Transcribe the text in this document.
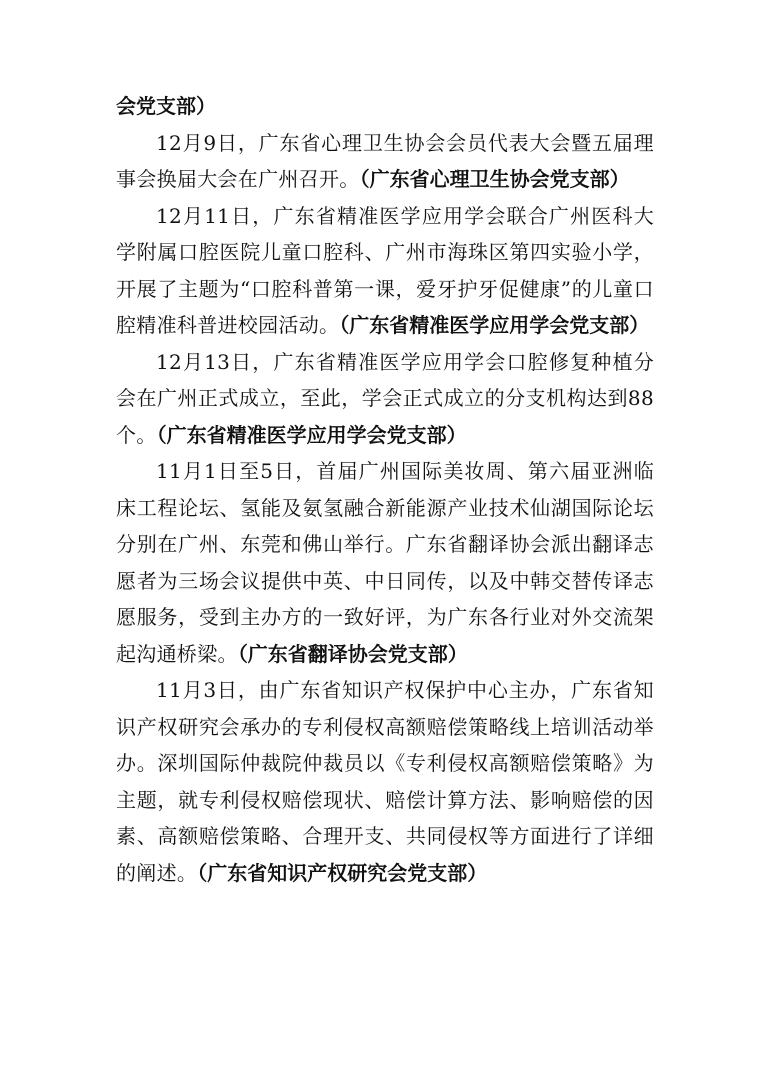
会党支部）

12月9日，广东省心理卫生协会会员代表大会暨五届理事会换届大会在广州召开。（广东省心理卫生协会党支部）

12月11日，广东省精准医学应用学会联合广州医科大学附属口腔医院儿童口腔科、广州市海珠区第四实验小学，开展了主题为“口腔科普第一课，爱牙护牙促健康”的儿童口腔精准科普进校园活动。（广东省精准医学应用学会党支部）

12月13日，广东省精准医学应用学会口腔修复种植分会在广州正式成立，至此，学会正式成立的分支机构达到88个。（广东省精准医学应用学会党支部）

11月1日至5日，首届广州国际美妆周、第六届亚洲临床工程论坛、氢能及氨氢融合新能源产业技术仙湖国际论坛分别在广州、东莞和佛山举行。广东省翻译协会派出翻译志愿者为三场会议提供中英、中日同传，以及中韩交替传译志愿服务，受到主办方的一致好评，为广东各行业对外交流架起沟通桥梁。（广东省翻译协会党支部）

11月3日，由广东省知识产权保护中心主办，广东省知识产权研究会承办的专利侵权高额赔偿策略线上培训活动举办。深圳国际仲裁院仲裁员以《专利侵权高额赔偿策略》为主题，就专利侵权赔偿现状、赔偿计算方法、影响赔偿的因素、高额赔偿策略、合理开支、共同侵权等方面进行了详细的阐述。（广东省知识产权研究会党支部）
